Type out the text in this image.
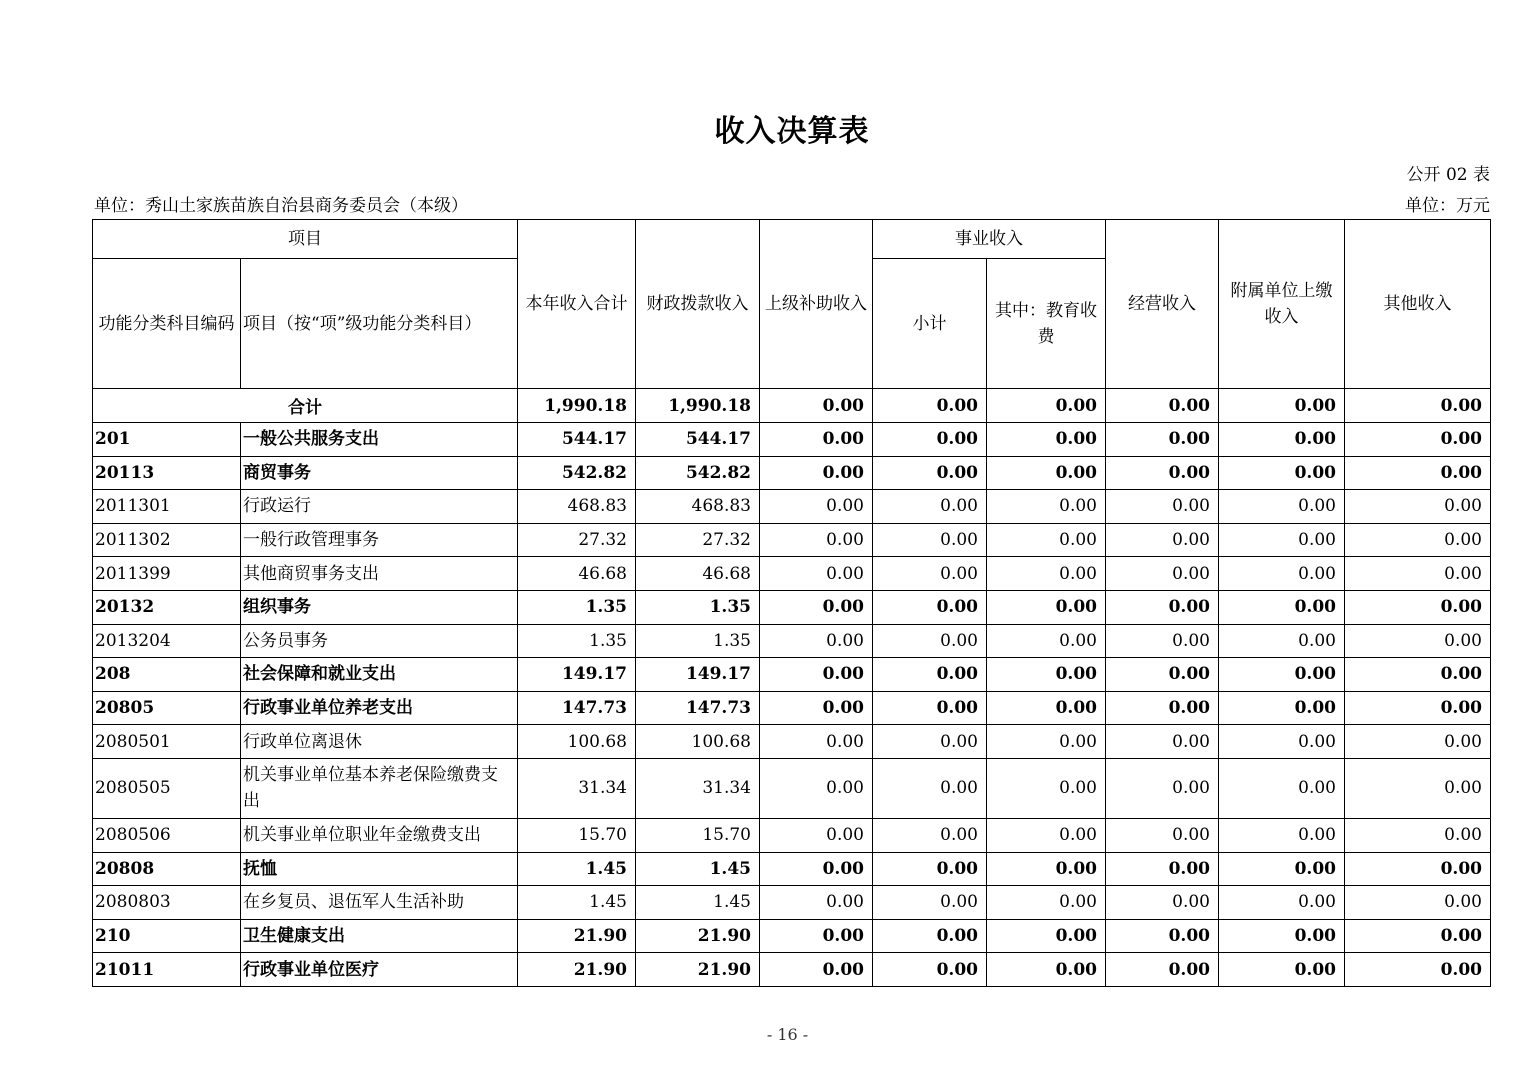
收入决算表
公开 02 表
单位：秀山土家族苗族自治县商务委员会（本级）	单位：万元
项目		本年收入合计	财政拨款收入	上级补助收入	事业收入		经营收入	附属单位上缴收入	其他收入
功能分类科目编码	项目（按“项”级功能分类科目）				小计	其中：教育收费			
合计		1,990.18	1,990.18	0.00	0.00	0.00	0.00	0.00	0.00
201	一般公共服务支出	544.17	544.17	0.00	0.00	0.00	0.00	0.00	0.00
20113	商贸事务	542.82	542.82	0.00	0.00	0.00	0.00	0.00	0.00
2011301	行政运行	468.83	468.83	0.00	0.00	0.00	0.00	0.00	0.00
2011302	一般行政管理事务	27.32	27.32	0.00	0.00	0.00	0.00	0.00	0.00
2011399	其他商贸事务支出	46.68	46.68	0.00	0.00	0.00	0.00	0.00	0.00
20132	组织事务	1.35	1.35	0.00	0.00	0.00	0.00	0.00	0.00
2013204	公务员事务	1.35	1.35	0.00	0.00	0.00	0.00	0.00	0.00
208	社会保障和就业支出	149.17	149.17	0.00	0.00	0.00	0.00	0.00	0.00
20805	行政事业单位养老支出	147.73	147.73	0.00	0.00	0.00	0.00	0.00	0.00
2080501	行政单位离退休	100.68	100.68	0.00	0.00	0.00	0.00	0.00	0.00
2080505	机关事业单位基本养老保险缴费支出	31.34	31.34	0.00	0.00	0.00	0.00	0.00	0.00
2080506	机关事业单位职业年金缴费支出	15.70	15.70	0.00	0.00	0.00	0.00	0.00	0.00
20808	抚恤	1.45	1.45	0.00	0.00	0.00	0.00	0.00	0.00
2080803	在乡复员、退伍军人生活补助	1.45	1.45	0.00	0.00	0.00	0.00	0.00	0.00
210	卫生健康支出	21.90	21.90	0.00	0.00	0.00	0.00	0.00	0.00
21011	行政事业单位医疗	21.90	21.90	0.00	0.00	0.00	0.00	0.00	0.00
- 16 -
